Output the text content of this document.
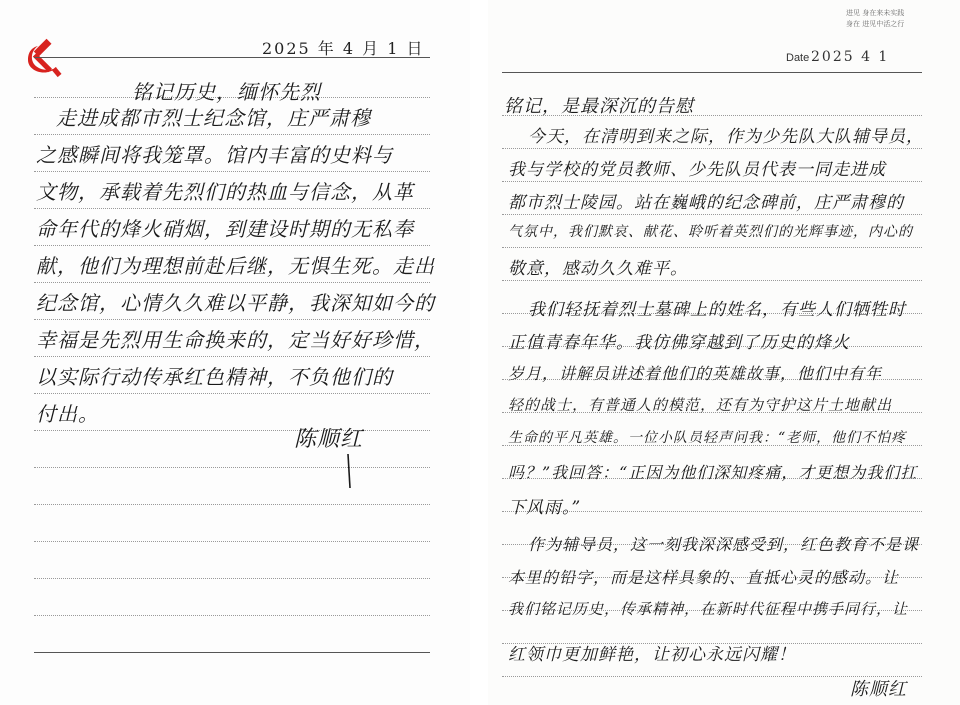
2025 年 4 月 1 日
铭记历史，缅怀先烈
走进成都市烈士纪念馆，庄严肃穆
之感瞬间将我笼罩。馆内丰富的史料与
文物，承载着先烈们的热血与信念，从革
命年代的烽火硝烟，到建设时期的无私奉
献，他们为理想前赴后继，无惧生死。走出
纪念馆，心情久久难以平静，我深知如今的
幸福是先烈用生命换来的，定当好好珍惜，
以实际行动传承红色精神，不负他们的
付出。
陈顺红
进见 身在来未实践
身在 进见中活之行
Date 2025 4 1
铭记，是最深沉的告慰
今天，在清明到来之际，作为少先队大队辅导员，
我与学校的党员教师、少先队员代表一同走进成
都市烈士陵园。站在巍峨的纪念碑前，庄严肃穆的
气氛中，我们默哀、献花、聆听着英烈们的光辉事迹，内心的
敬意，感动久久难平。
我们轻抚着烈士墓碑上的姓名，有些人们牺牲时
正值青春年华。我仿佛穿越到了历史的烽火
岁月，讲解员讲述着他们的英雄故事，他们中有年
轻的战士，有普通人的模范，还有为守护这片土地献出
生命的平凡英雄。一位小队员轻声问我：“老师，他们不怕疼
吗？”我回答：“正因为他们深知疼痛，才更想为我们扛
下风雨。”
作为辅导员，这一刻我深深感受到，红色教育不是课
本里的铅字，而是这样具象的、直抵心灵的感动。让
我们铭记历史，传承精神，在新时代征程中携手同行，让
红领巾更加鲜艳，让初心永远闪耀！
陈顺红
